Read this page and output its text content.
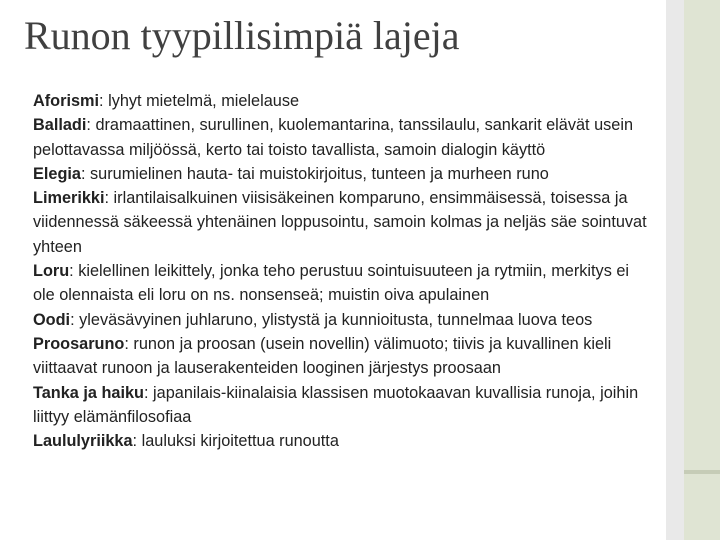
Runon tyypillisimpiä lajeja

Aforismi: lyhyt mietelmä, mielelause

Balladi: dramaattinen, surullinen, kuolemantarina, tanssilaulu, sankarit elävät usein pelottavassa miljöössä, kerto tai toisto tavallista, samoin dialogin käyttö

Elegia: surumielinen hauta- tai muistokirjoitus, tunteen ja murheen runo

Limerikki: irlantilaisalkuinen viisisäkeinen komparuno, ensimmäisessä, toisessa ja viidennessä säkeessä yhtenäinen loppusointu, samoin kolmas ja neljäs säe sointuvat yhteen

Loru: kielellinen leikittely, jonka teho perustuu sointuisuuteen ja rytmiin, merkitys ei ole olennaista eli loru on ns. nonsenseä; muistin oiva apulainen

Oodi: yleväsävyinen juhlaruno, ylistystä ja kunnioitusta, tunnelmaa luova teos

Proosaruno: runon ja proosan (usein novellin) välimuoto; tiivis ja kuvallinen kieli viittaavat runoon ja lauserakenteiden looginen järjestys proosaan

Tanka ja haiku: japanilais-kiinalaisia klassisen muotokaavan kuvallisia runoja, joihin liittyy elämänfilosofiaa

Laululyriikka: lauluksi kirjoitettua runoutta
